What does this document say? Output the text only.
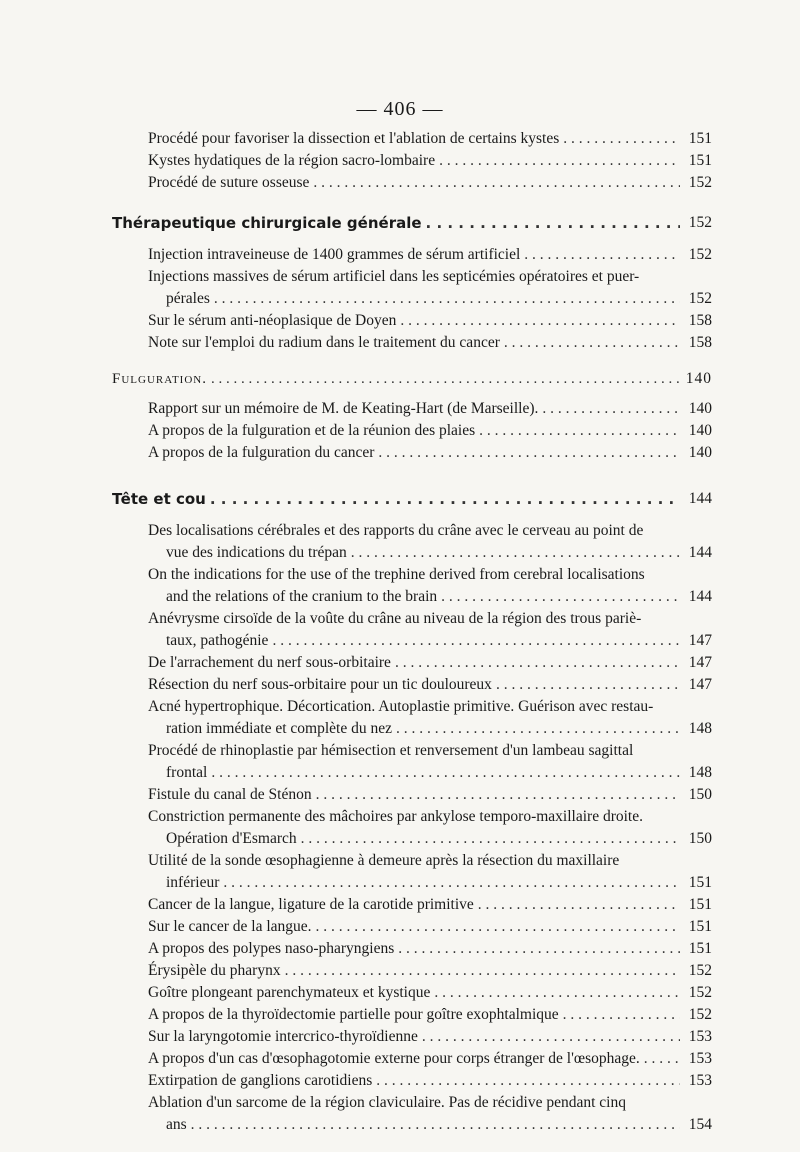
— 406 —
Procédé pour favoriser la dissection et l'ablation de certains kystes . . .	151
Kystes hydatiques de la région sacro-lombaire . . .	151
Procédé de suture osseuse . . .	152
Thérapeutique chirurgicale générale . . .	152
Injection intraveineuse de 1400 grammes de sérum artificiel . . .	152
Injections massives de sérum artificiel dans les septicémies opératoires et puer-
pérales . . .	152
Sur le sérum anti-néoplasique de Doyen . . .	158
Note sur l'emploi du radium dans le traitement du cancer . . .	158
Fulguration. . . .	140
Rapport sur un mémoire de M. de Keating-Hart (de Marseille). . . .	140
A propos de la fulguration et de la réunion des plaies . . .	140
A propos de la fulguration du cancer . . .	140
Tête et cou . . .	144
Des localisations cérébrales et des rapports du crâne avec le cerveau au point de
vue des indications du trépan . . .	144
On the indications for the use of the trephine derived from cerebral localisations
and the relations of the cranium to the brain . . .	144
Anévrysme cirsoïde de la voûte du crâne au niveau de la région des trous pariè-
taux, pathogénie . . .	147
De l'arrachement du nerf sous-orbitaire . . .	147
Résection du nerf sous-orbitaire pour un tic douloureux . . .	147
Acné hypertrophique. Décortication. Autoplastie primitive. Guérison avec restau-
ration immédiate et complète du nez . . .	148
Procédé de rhinoplastie par hémisection et renversement d'un lambeau sagittal
frontal . . .	148
Fistule du canal de Sténon . . .	150
Constriction permanente des mâchoires par ankylose temporo-maxillaire droite.
Opération d'Esmarch . . .	150
Utilité de la sonde œsophagienne à demeure après la résection du maxillaire
inférieur . . .	151
Cancer de la langue, ligature de la carotide primitive . . .	151
Sur le cancer de la langue. . . .	151
A propos des polypes naso-pharyngiens . . .	151
Érysipèle du pharynx . . .	152
Goître plongeant parenchymateux et kystique . . .	152
A propos de la thyroïdectomie partielle pour goître exophtalmique . . .	152
Sur la laryngotomie intercrico-thyroïdienne . . .	153
A propos d'un cas d'œsophagotomie externe pour corps étranger de l'œsophage. . . .	153
Extirpation de ganglions carotidiens . . .	153
Ablation d'un sarcome de la région claviculaire. Pas de récidive pendant cinq
ans . . .	154
